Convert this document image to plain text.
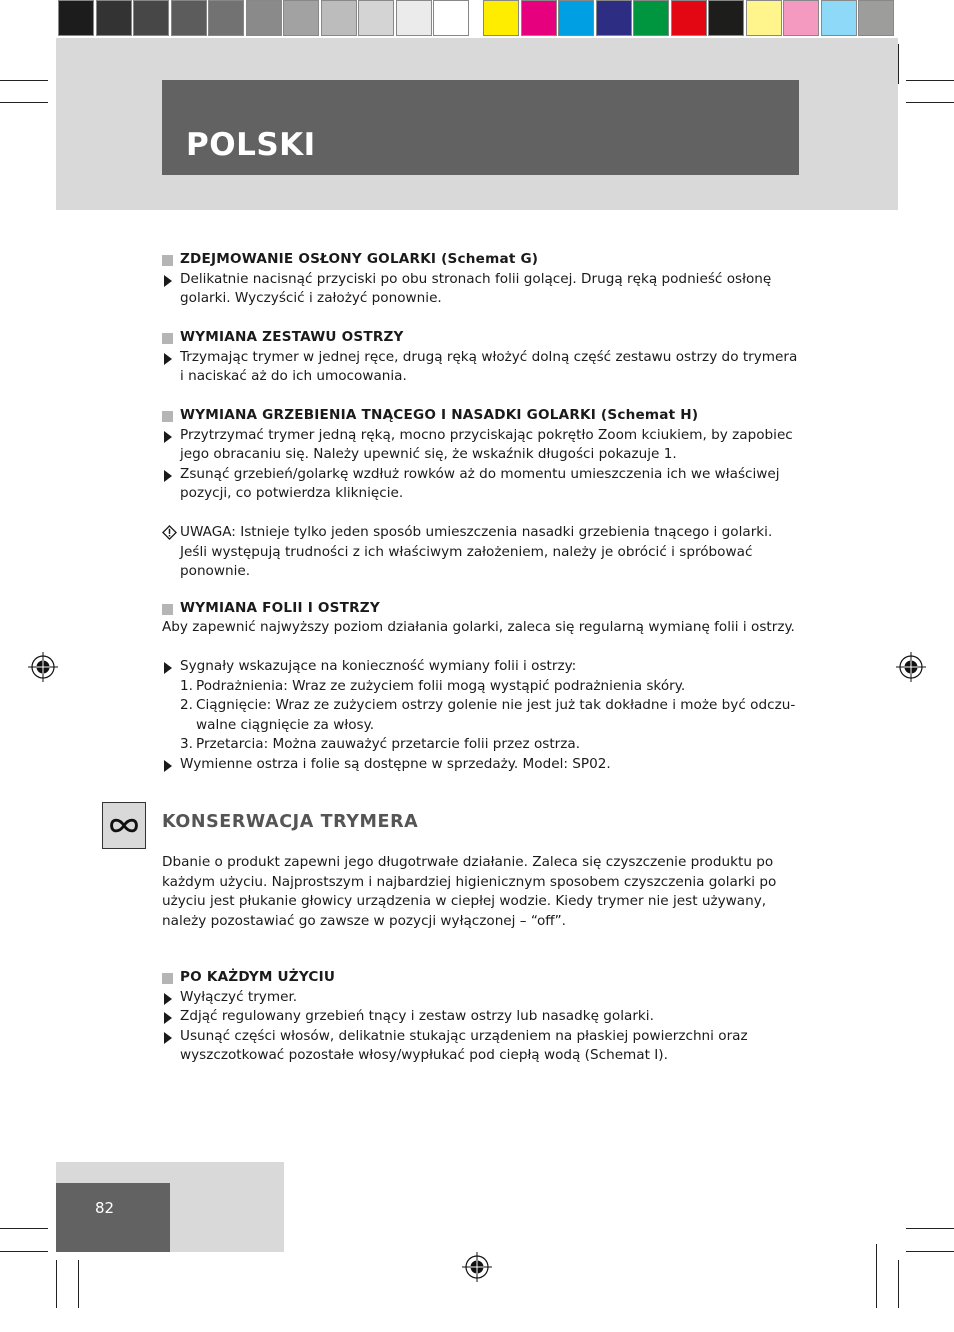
POLSKI

ZDEJMOWANIE OSŁONY GOLARKI (Schemat G)

Delikatnie nacisnąć przyciski po obu stronach folii golącej. Drugą ręką podnieść osłonę golarki. Wyczyścić i założyć ponownie.

WYMIANA ZESTAWU OSTRZY

Trzymając trymer w jednej ręce, drugą ręką włożyć dolną część zestawu ostrzy do trymera i naciskać aż do ich umocowania.

WYMIANA GRZEBIENIA TNĄCEGO I NASADKI GOLARKI (Schemat H)

Przytrzymać trymer jedną ręką, mocno przyciskając pokrętło Zoom kciukiem, by zapobiec jego obracaniu się. Należy upewnić się, że wskaźnik długości pokazuje 1.

Zsunąć grzebień/golarkę wzdłuż rowków aż do momentu umieszczenia ich we właściwej pozycji, co potwierdza kliknięcie.

UWAGA: Istnieje tylko jeden sposób umieszczenia nasadki grzebienia tnącego i golarki. Jeśli występują trudności z ich właściwym założeniem, należy je obrócić i spróbować ponownie.

WYMIANA FOLII I OSTRZY

Aby zapewnić najwyższy poziom działania golarki, zaleca się regularną wymianę folii i ostrzy.

Sygnały wskazujące na konieczność wymiany folii i ostrzy:

1. Podrażnienia: Wraz ze zużyciem folii mogą wystąpić podrażnienia skóry.
2. Ciągnięcie: Wraz ze zużyciem ostrzy golenie nie jest już tak dokładne i może być odczu-walne ciągnięcie za włosy.
3. Przetarcia: Można zauważyć przetarcie folii przez ostrza.

Wymienne ostrza i folie są dostępne w sprzedaży. Model: SP02.

KONSERWACJA TRYMERA

Dbanie o produkt zapewni jego długotrwałe działanie. Zaleca się czyszczenie produktu po każdym użyciu. Najprostszym i najbardziej higienicznym sposobem czyszczenia golarki po użyciu jest płukanie głowicy urządzenia w ciepłej wodzie. Kiedy trymer nie jest używany, należy pozostawiać go zawsze w pozycji wyłączonej – “off”.

PO KAŻDYM UŻYCIU

Wyłączyć trymer.

Zdjąć regulowany grzebień tnący i zestaw ostrzy lub nasadkę golarki.

Usunąć części włosów, delikatnie stukając urządeniem na płaskiej powierzchni oraz wyszczotkować pozostałe włosy/wypłukać pod ciepłą wodą (Schemat I).

82
